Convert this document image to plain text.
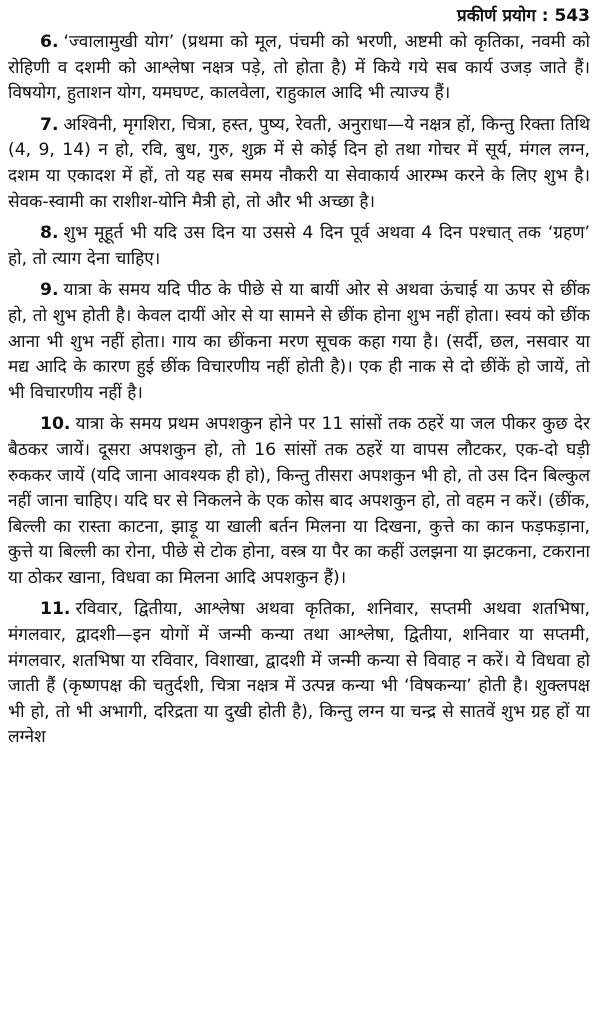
प्रकीर्ण प्रयोग : 543

6. ‘ज्वालामुखी योग’ (प्रथमा को मूल, पंचमी को भरणी, अष्टमी को कृतिका, नवमी को रोहिणी व दशमी को आश्लेषा नक्षत्र पड़े, तो होता है) में किये गये सब कार्य उजड़ जाते हैं। विषयोग, हुताशन योग, यमघण्ट, कालवेला, राहुकाल आदि भी त्याज्य हैं।

7. अश्विनी, मृगशिरा, चित्रा, हस्त, पुष्य, रेवती, अनुराधा—ये नक्षत्र हों, किन्तु रिक्ता तिथि (4, 9, 14) न हो, रवि, बुध, गुरु, शुक्र में से कोई दिन हो तथा गोचर में सूर्य, मंगल लग्न, दशम या एकादश में हों, तो यह सब समय नौकरी या सेवाकार्य आरम्भ करने के लिए शुभ है। सेवक-स्वामी का राशीश-योनि मैत्री हो, तो और भी अच्छा है।

8. शुभ मूहूर्त भी यदि उस दिन या उससे 4 दिन पूर्व अथवा 4 दिन पश्चात् तक ‘ग्रहण’ हो, तो त्याग देना चाहिए।

9. यात्रा के समय यदि पीठ के पीछे से या बायीं ओर से अथवा ऊंचाई या ऊपर से छींक हो, तो शुभ होती है। केवल दायीं ओर से या सामने से छींक होना शुभ नहीं होता। स्वयं को छींक आना भी शुभ नहीं होता। गाय का छींकना मरण सूचक कहा गया है। (सर्दी, छल, नसवार या मद्य आदि के कारण हुई छींक विचारणीय नहीं होती है)। एक ही नाक से दो छींकें हो जायें, तो भी विचारणीय नहीं है।

10. यात्रा के समय प्रथम अपशकुन होने पर 11 सांसों तक ठहरें या जल पीकर कुछ देर बैठकर जायें। दूसरा अपशकुन हो, तो 16 सांसों तक ठहरें या वापस लौटकर, एक-दो घड़ी रुककर जायें (यदि जाना आवश्यक ही हो), किन्तु तीसरा अपशकुन भी हो, तो उस दिन बिल्कुल नहीं जाना चाहिए। यदि घर से निकलने के एक कोस बाद अपशकुन हो, तो वहम न करें। (छींक, बिल्ली का रास्ता काटना, झाड़ू या खाली बर्तन मिलना या दिखना, कुत्ते का कान फड़फड़ाना, कुत्ते या बिल्ली का रोना, पीछे से टोक होना, वस्त्र या पैर का कहीं उलझना या झटकना, टकराना या ठोकर खाना, विधवा का मिलना आदि अपशकुन हैं)।

11. रविवार, द्वितीया, आश्लेषा अथवा कृतिका, शनिवार, सप्तमी अथवा शतभिषा, मंगलवार, द्वादशी—इन योगों में जन्मी कन्या तथा आश्लेषा, द्वितीया, शनिवार या सप्तमी, मंगलवार, शतभिषा या रविवार, विशाखा, द्वादशी में जन्मी कन्या से विवाह न करें। ये विधवा हो जाती हैं (कृष्णपक्ष की चतुर्दशी, चित्रा नक्षत्र में उत्पन्न कन्या भी ‘विषकन्या’ होती है। शुक्लपक्ष भी हो, तो भी अभागी, दरिद्रता या दुखी होती है), किन्तु लग्न या चन्द्र से सातवें शुभ ग्रह हों या लग्नेश
